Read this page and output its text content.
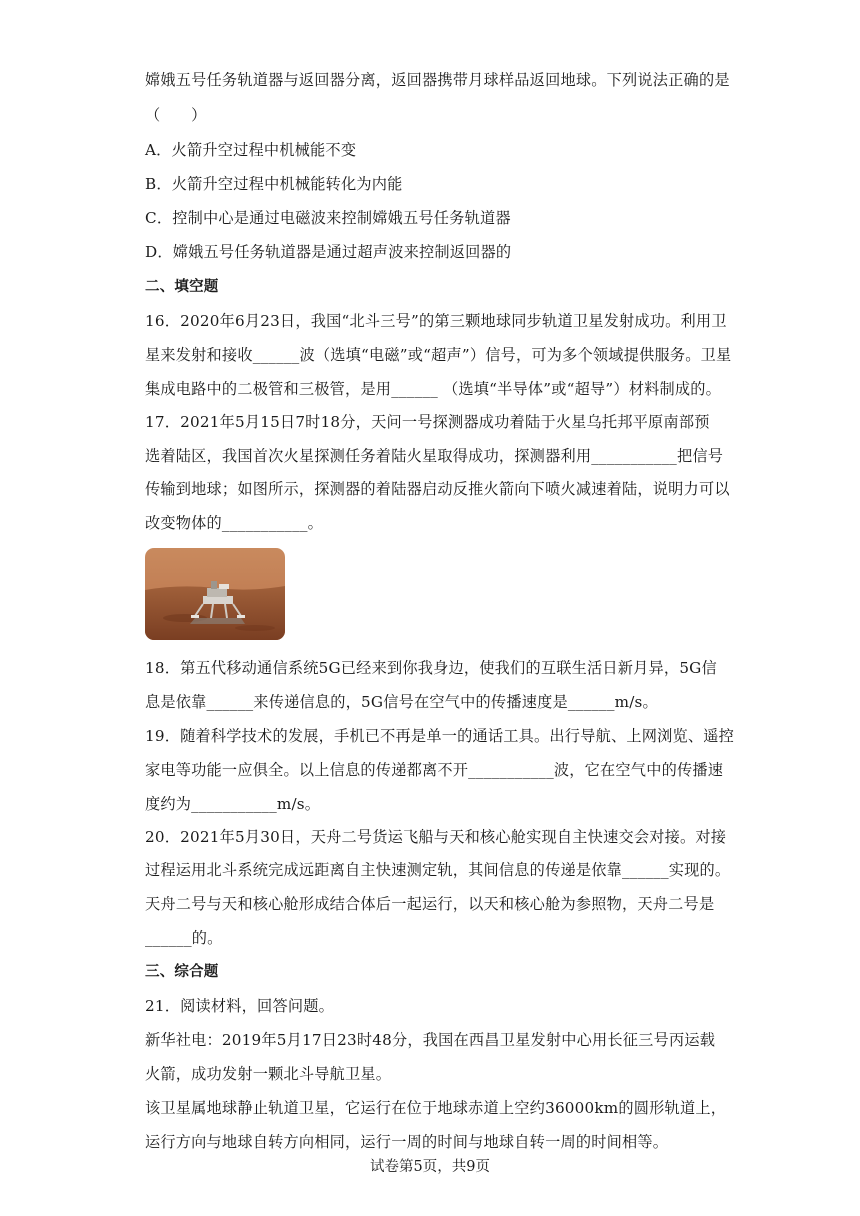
嫦娥五号任务轨道器与返回器分离，返回器携带月球样品返回地球。下列说法正确的是
（　　）
A．火箭升空过程中机械能不变
B．火箭升空过程中机械能转化为内能
C．控制中心是通过电磁波来控制嫦娥五号任务轨道器
D．嫦娥五号任务轨道器是通过超声波来控制返回器的
二、填空题
16．2020年6月23日，我国“北斗三号”的第三颗地球同步轨道卫星发射成功。利用卫
星来发射和接收______波（选填“电磁”或“超声”）信号，可为多个领域提供服务。卫星
集成电路中的二极管和三极管，是用______ （选填“半导体”或“超导”）材料制成的。
17．2021年5月15日7时18分，天问一号探测器成功着陆于火星乌托邦平原南部预
选着陆区，我国首次火星探测任务着陆火星取得成功，探测器利用___________把信号
传输到地球；如图所示，探测器的着陆器启动反推火箭向下喷火减速着陆，说明力可以
改变物体的___________。
18．第五代移动通信系统5G已经来到你我身边，使我们的互联生活日新月异，5G信
息是依靠______来传递信息的，5G信号在空气中的传播速度是______m/s。
19．随着科学技术的发展，手机已不再是单一的通话工具。出行导航、上网浏览、遥控
家电等功能一应俱全。以上信息的传递都离不开___________波，它在空气中的传播速
度约为___________m/s。
20．2021年5月30日，天舟二号货运飞船与天和核心舱实现自主快速交会对接。对接
过程运用北斗系统完成远距离自主快速测定轨，其间信息的传递是依靠______实现的。
天舟二号与天和核心舱形成结合体后一起运行，以天和核心舱为参照物，天舟二号是
______的。
三、综合题
21．阅读材料，回答问题。
新华社电：2019年5月17日23时48分，我国在西昌卫星发射中心用长征三号丙运载
火箭，成功发射一颗北斗导航卫星。
该卫星属地球静止轨道卫星，它运行在位于地球赤道上空约36000km的圆形轨道上，
运行方向与地球自转方向相同，运行一周的时间与地球自转一周的时间相等。
试卷第5页，共9页
